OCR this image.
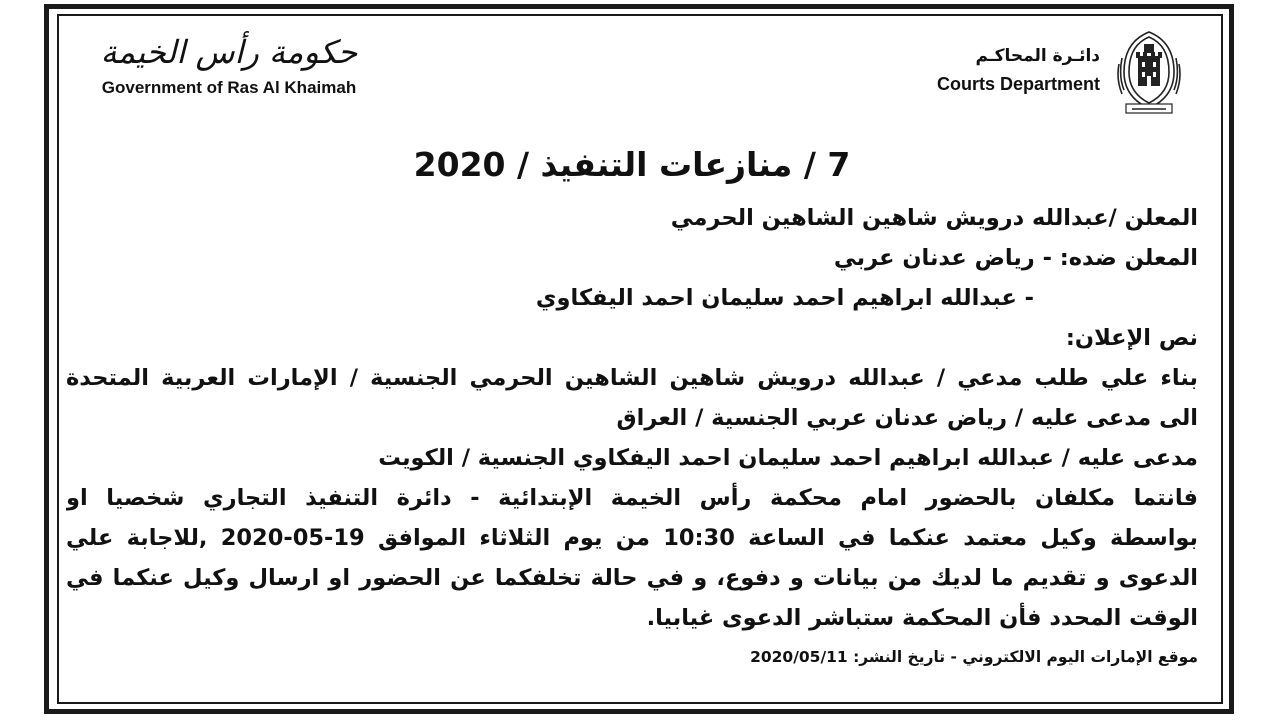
حكومة رأس الخيمة
Government of Ras Al Khaimah
دائـرة المحاكـم
Courts Department
7 / منازعات التنفيذ / 2020
المعلن /عبدالله درويش شاهين الشاهين الحرمي
المعلن ضده: - رياض عدنان عربي
- عبدالله ابراهيم احمد سليمان احمد اليفكاوي
نص الإعلان:
بناء علي طلب مدعي / عبدالله درويش شاهين الشاهين الحرمي الجنسية / الإمارات العربية المتحدة
الى مدعى عليه / رياض عدنان عربي الجنسية / العراق
مدعى عليه / عبدالله ابراهيم احمد سليمان احمد اليفكاوي الجنسية / الكويت
فانتما مكلفان بالحضور امام محكمة رأس الخيمة الإبتدائية - دائرة التنفيذ التجاري شخصيا او
بواسطة وكيل معتمد عنكما في الساعة 10:30 من يوم الثلاثاء الموافق 19-05-2020 ,للاجابة علي
الدعوى و تقديم ما لديك من بيانات و دفوع، و في حالة تخلفكما عن الحضور او ارسال وكيل عنكما في
الوقت المحدد فأن المحكمة ستباشر الدعوى غيابيا.
موقع الإمارات اليوم الالكتروني - تاريخ النشر: 2020/05/11
